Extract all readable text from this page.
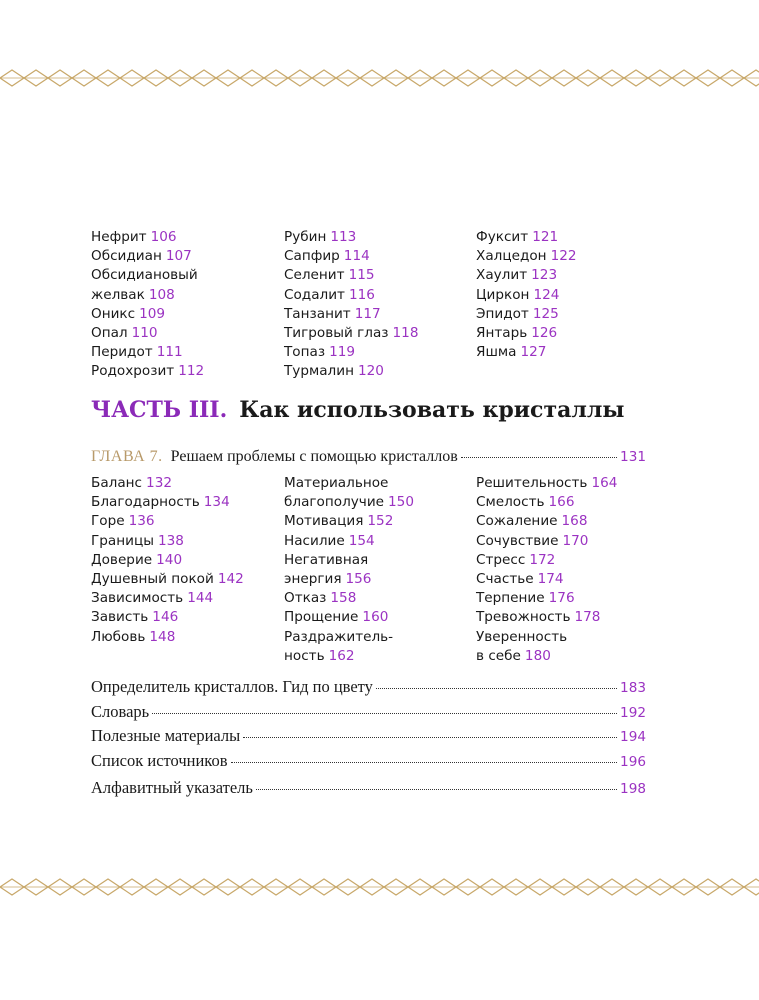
Нефрит 106
Обсидиан 107
Обсидиановый
желвак 108
Оникс 109
Опал 110
Перидот 111
Родохрозит 112
Рубин 113
Сапфир 114
Селенит 115
Содалит 116
Танзанит 117
Тигровый глаз 118
Топаз 119
Турмалин 120
Фуксит 121
Халцедон 122
Хаулит 123
Циркон 124
Эпидот 125
Янтарь 126
Яшма 127
ЧАСТЬ III. Как использовать кристаллы
ГЛАВА 7. Решаем проблемы с помощью кристаллов	131
Баланс 132
Благодарность 134
Горе 136
Границы 138
Доверие 140
Душевный покой 142
Зависимость 144
Зависть 146
Любовь 148
Материальное
благополучие 150
Мотивация 152
Насилие 154
Негативная
энергия 156
Отказ 158
Прощение 160
Раздражитель-
ность 162
Решительность 164
Смелость 166
Сожаление 168
Сочувствие 170
Стресс 172
Счастье 174
Терпение 176
Тревожность 178
Уверенность
в себе 180
Определитель кристаллов. Гид по цвету	183
Словарь	192
Полезные материалы	194
Список источников	196
Алфавитный указатель	198
